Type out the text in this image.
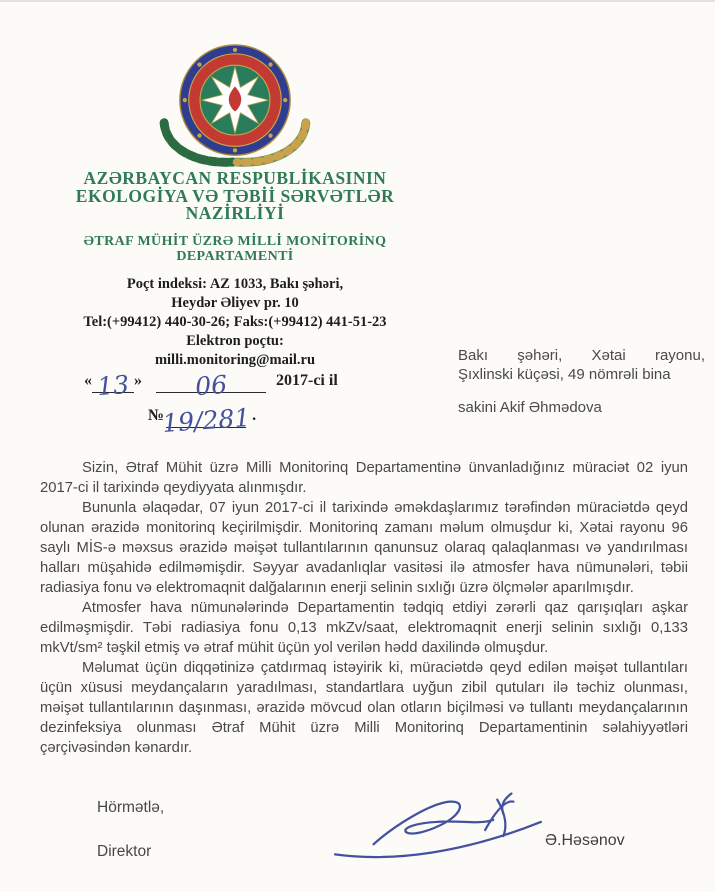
AZƏRBAYCAN RESPUBLİKASININ
EKOLOGİYA VƏ TƏBİİ SƏRVƏTLƏR
NAZİRLİYİ
ƏTRAF MÜHİT ÜZRƏ MİLLİ MONİTORİNQ
DEPARTAMENTİ
Poçt indeksi: AZ 1033, Bakı şəhəri,
Heydər Əliyev pr. 10
Tel:(+99412) 440-30-26; Faks:(+99412) 441-51-23
Elektron poçtu:
milli.monitoring@mail.ru
« 13 » 06	2017-ci il
№
19/281 .
Bakı şəhəri, Xətai rayonu,
Şıxlinski küçəsi, 49 nömrəli bina
sakini Akif Əhmədova

Sizin, Ətraf Mühit üzrə Milli Monitorinq Departamentinə ünvanladığınız müraciət 02 iyun 2017-ci il tarixində qeydiyyata alınmışdır.

Bununla əlaqədar, 07 iyun 2017-ci il tarixində əməkdaşlarımız tərəfindən müraciətdə qeyd olunan ərazidə monitorinq keçirilmişdir. Monitorinq zamanı məlum olmuşdur ki, Xətai rayonu 96 saylı MİS-ə məxsus ərazidə məişət tullantılarının qanunsuz olaraq qalaqlanması və yandırılması halları müşahidə edilməmişdir. Səyyar avadanlıqlar vasitəsi ilə atmosfer hava nümunələri, təbii radiasiya fonu və elektromaqnit dalğalarının enerji selinin sıxlığı üzrə ölçmələr aparılmışdır.

Atmosfer hava nümunələrində Departamentin tədqiq etdiyi zərərli qaz qarışıqları aşkar edilməşmişdir. Təbi radiasiya fonu 0,13 mkZv/saat, elektromaqnit enerji selinin sıxlığı 0,133 mkVt/sm² təşkil etmiş və ətraf mühit üçün yol verilən hədd daxilində olmuşdur.

Məlumat üçün diqqətinizə çatdırmaq istəyirik ki, müraciətdə qeyd edilən məişət tullantıları üçün xüsusi meydançaların yaradılması, standartlara uyğun zibil qutuları ilə təchiz olunması, məişət tullantılarının daşınması, ərazidə mövcud olan otların biçilməsi və tullantı meydançalarının dezinfeksiya olunması Ətraf Mühit üzrə Milli Monitorinq Departamentinin səlahiyyətləri çərçivəsindən kənardır.

Hörmətlə,
Direktor
Ə.Həsənov
